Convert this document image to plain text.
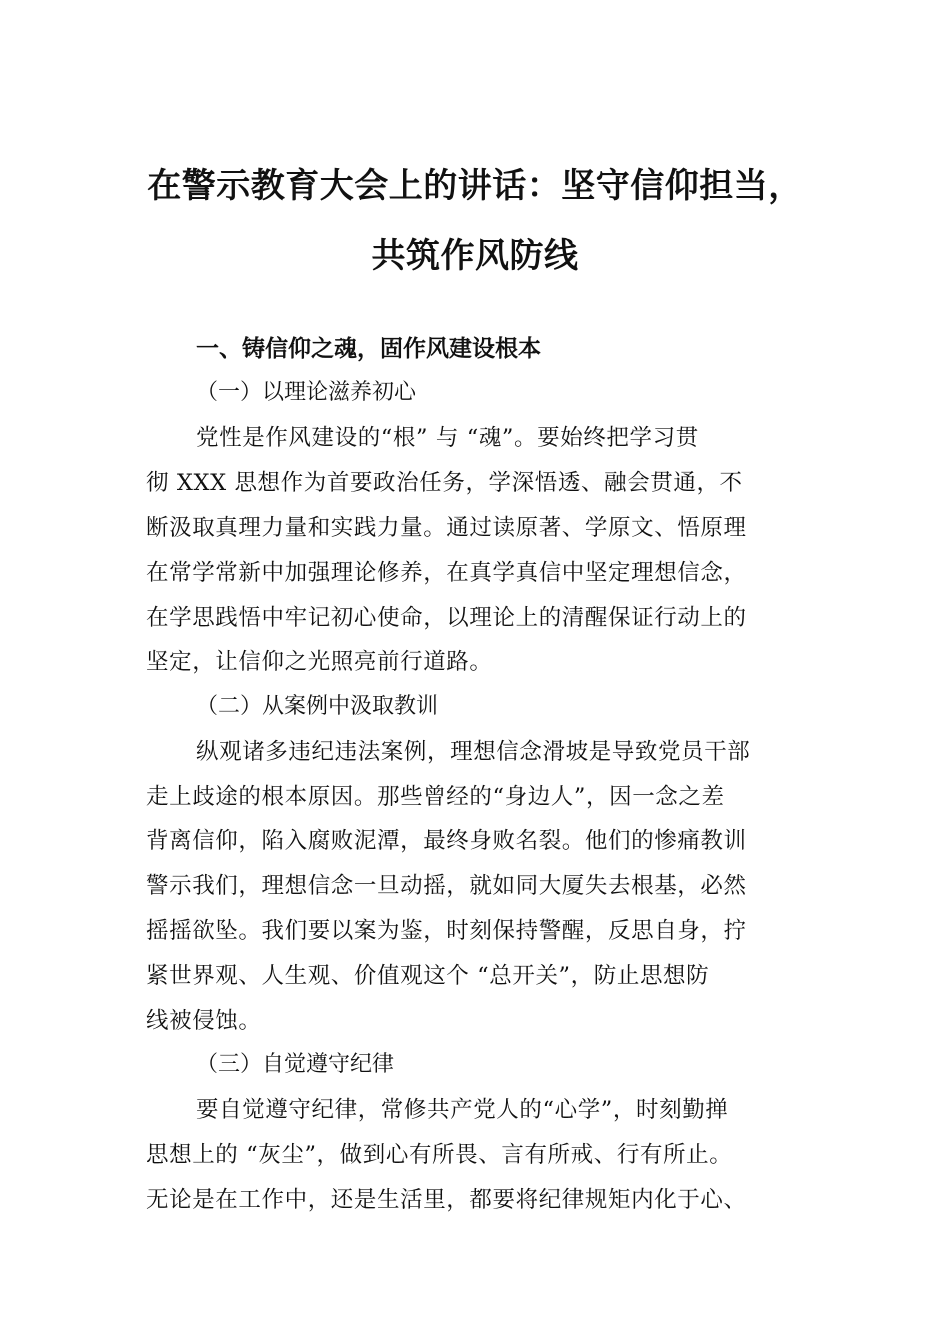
在警示教育大会上的讲话：坚守信仰担当，
共筑作风防线
一、铸信仰之魂，固作风建设根本
（一）以理论滋养初心
党性是作风建设的“根” 与 “魂”。要始终把学习贯
彻 XXX 思想作为首要政治任务，学深悟透、融会贯通，不
断汲取真理力量和实践力量。通过读原著、学原文、悟原理
在常学常新中加强理论修养，在真学真信中坚定理想信念，
在学思践悟中牢记初心使命，以理论上的清醒保证行动上的
坚定，让信仰之光照亮前行道路。
（二）从案例中汲取教训
纵观诸多违纪违法案例，理想信念滑坡是导致党员干部
走上歧途的根本原因。那些曾经的“身边人”，因一念之差
背离信仰，陷入腐败泥潭，最终身败名裂。他们的惨痛教训
警示我们，理想信念一旦动摇，就如同大厦失去根基，必然
摇摇欲坠。我们要以案为鉴，时刻保持警醒，反思自身，拧
紧世界观、人生观、价值观这个 “总开关”，防止思想防
线被侵蚀。
（三）自觉遵守纪律
要自觉遵守纪律，常修共产党人的“心学”，时刻勤掸
思想上的 “灰尘”，做到心有所畏、言有所戒、行有所止。
无论是在工作中，还是生活里，都要将纪律规矩内化于心、
